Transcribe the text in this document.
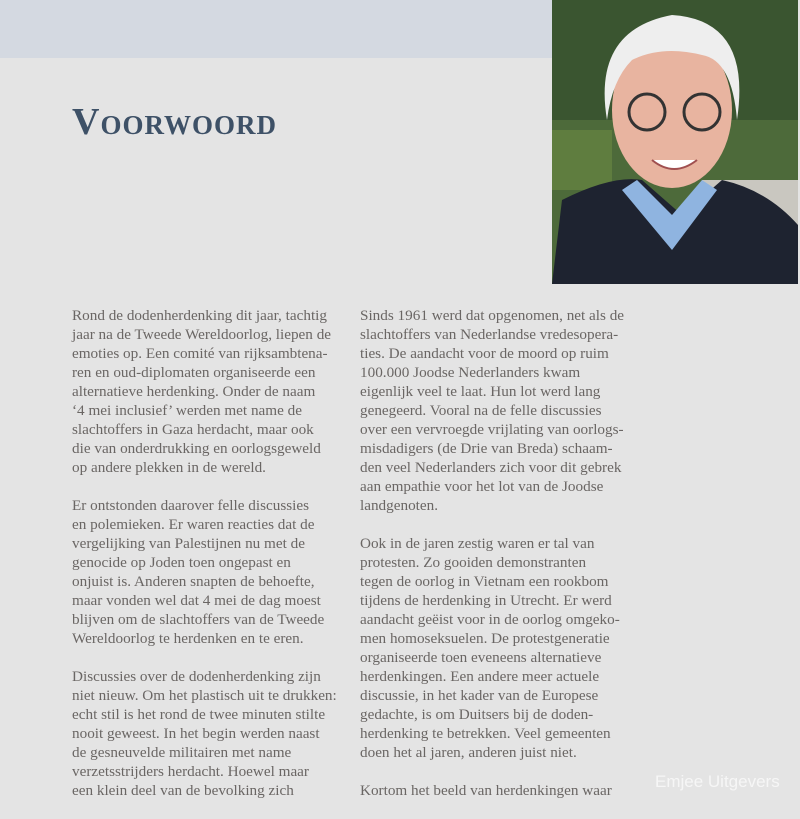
Voorwoord

Rond de dodenherdenking dit jaar, tachtig
jaar na de Tweede Wereldoorlog, liepen de
emoties op. Een comité van rijksambtena-
ren en oud-diplomaten organiseerde een
alternatieve herdenking. Onder de naam
‘4 mei inclusief’ werden met name de
slachtoffers in Gaza herdacht, maar ook
die van onderdrukking en oorlogsgeweld
op andere plekken in de wereld.

Er ontstonden daarover felle discussies
en polemieken. Er waren reacties dat de
vergelijking van Palestijnen nu met de
genocide op Joden toen ongepast en
onjuist is. Anderen snapten de behoefte,
maar vonden wel dat 4 mei de dag moest
blijven om de slachtoffers van de Tweede
Wereldoorlog te herdenken en te eren.

Discussies over de dodenherdenking zijn
niet nieuw. Om het plastisch uit te drukken:
echt stil is het rond de twee minuten stilte
nooit geweest. In het begin werden naast
de gesneuvelde militairen met name
verzetsstrijders herdacht. Hoewel maar
een klein deel van de bevolking zich

Sinds 1961 werd dat opgenomen, net als de
slachtoffers van Nederlandse vredesopera-
ties. De aandacht voor de moord op ruim
100.000 Joodse Nederlanders kwam
eigenlijk veel te laat. Hun lot werd lang
genegeerd. Vooral na de felle discussies
over een vervroegde vrijlating van oorlogs-
misdadigers (de Drie van Breda) schaam-
den veel Nederlanders zich voor dit gebrek
aan empathie voor het lot van de Joodse
landgenoten.

Ook in de jaren zestig waren er tal van
protesten. Zo gooiden demonstranten
tegen de oorlog in Vietnam een rookbom
tijdens de herdenking in Utrecht. Er werd
aandacht geëist voor in de oorlog omgeko-
men homoseksuelen. De protestgeneratie
organiseerde toen eveneens alternatieve
herdenkingen. Een andere meer actuele
discussie, in het kader van de Europese
gedachte, is om Duitsers bij de doden-
herdenking te betrekken. Veel gemeenten
doen het al jaren, anderen juist niet.

Kortom het beeld van herdenkingen waar	Emjee Uitgevers
